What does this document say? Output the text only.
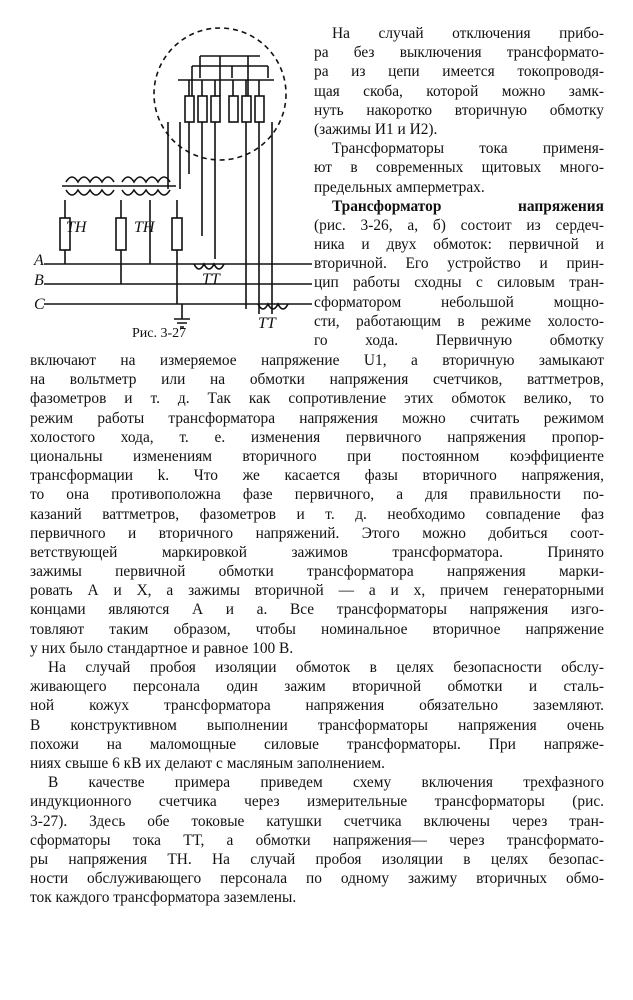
ТН	ТН
ТТ
ТТ
A
B
C
Рис. 3-27
На случай отключения прибо-
ра без выключения трансформато-
ра из цепи имеется токопроводя-
щая скоба, которой можно замк-
нуть накоротко вторичную обмотку
(зажимы И1 и И2).
Трансформаторы тока применя-
ют в современных щитовых много-
предельных амперметрах.
Трансформатор напряжения
(рис. 3-26, а, б) состоит из сердеч-
ника и двух обмоток: первичной и
вторичной. Его устройство и прин-
цип работы сходны с силовым тран-
сформатором небольшой мощно-
сти, работающим в режиме холосто-
го хода. Первичную обмотку
включают на измеряемое напряжение U1, а вторичную замыкают
на вольтметр или на обмотки напряжения счетчиков, ваттметров,
фазометров и т. д. Так как сопротивление этих обмоток велико, то
режим работы трансформатора напряжения можно считать режимом
холостого хода, т. е. изменения первичного напряжения пропор-
циональны изменениям вторичного при постоянном коэффициенте
трансформации k. Что же касается фазы вторичного напряжения,
то она противоположна фазе первичного, а для правильности по-
казаний ваттметров, фазометров и т. д. необходимо совпадение фаз
первичного и вторичного напряжений. Этого можно добиться соот-
ветствующей маркировкой зажимов трансформатора. Принято
зажимы первичной обмотки трансформатора напряжения марки-
ровать А и Х, а зажимы вторичной — а и х, причем генераторными
концами являются А и а. Все трансформаторы напряжения изго-
товляют таким образом, чтобы номинальное вторичное напряжение
у них было стандартное и равное 100 В.
На случай пробоя изоляции обмоток в целях безопасности обслу-
живающего персонала один зажим вторичной обмотки и сталь-
ной кожух трансформатора напряжения обязательно заземляют.
В конструктивном выполнении трансформаторы напряжения очень
похожи на маломощные силовые трансформаторы. При напряже-
ниях свыше 6 кВ их делают с масляным заполнением.
В качестве примера приведем схему включения трехфазного
индукционного счетчика через измерительные трансформаторы (рис.
3-27). Здесь обе токовые катушки счетчика включены через тран-
сформаторы тока ТТ, а обмотки напряжения— через трансформато-
ры напряжения ТН. На случай пробоя изоляции в целях безопас-
ности обслуживающего персонала по одному зажиму вторичных обмо-
ток каждого трансформатора заземлены.
